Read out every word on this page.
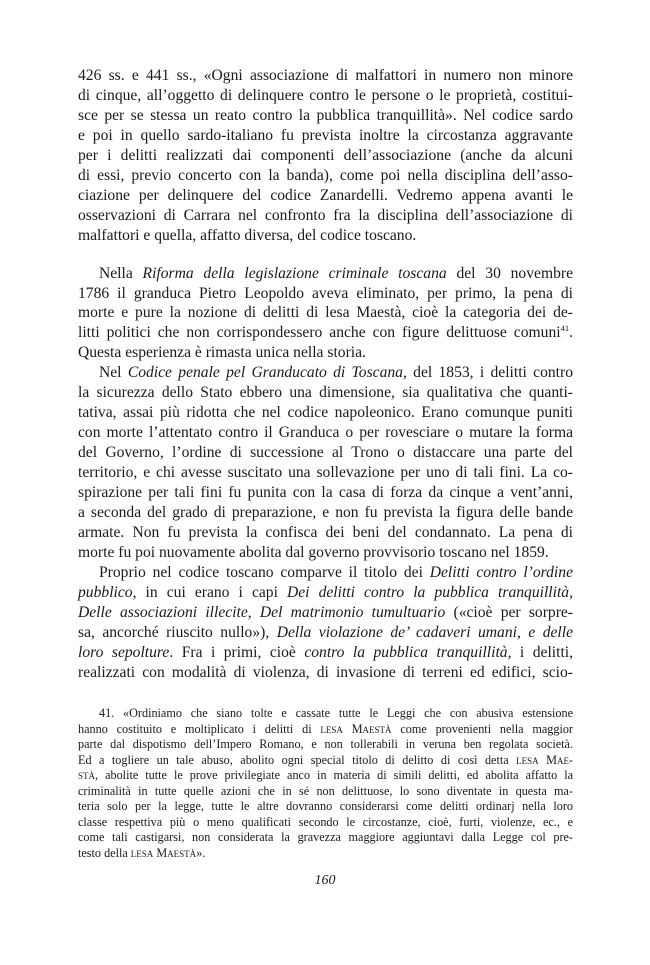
426 ss. e 441 ss., «Ogni associazione di malfattori in numero non minore
di cinque, all’oggetto di delinquere contro le persone o le proprietà, costitui-
sce per se stessa un reato contro la pubblica tranquillità». Nel codice sardo
e poi in quello sardo-italiano fu prevista inoltre la circostanza aggravante
per i delitti realizzati dai componenti dell’associazione (anche da alcuni
di essi, previo concerto con la banda), come poi nella disciplina dell’asso-
ciazione per delinquere del codice Zanardelli. Vedremo appena avanti le
osservazioni di Carrara nel confronto fra la disciplina dell’associazione di
malfattori e quella, affatto diversa, del codice toscano.

Nella Riforma della legislazione criminale toscana del 30 novembre
1786 il granduca Pietro Leopoldo aveva eliminato, per primo, la pena di
morte e pure la nozione di delitti di lesa Maestà, cioè la categoria dei de-
litti politici che non corrispondessero anche con figure delittuose comuni$^{41}$.
Questa esperienza è rimasta unica nella storia.

Nel Codice penale pel Granducato di Toscana, del 1853, i delitti contro
la sicurezza dello Stato ebbero una dimensione, sia qualitativa che quanti-
tativa, assai più ridotta che nel codice napoleonico. Erano comunque puniti
con morte l’attentato contro il Granduca o per rovesciare o mutare la forma
del Governo, l’ordine di successione al Trono o distaccare una parte del
territorio, e chi avesse suscitato una sollevazione per uno di tali fini. La co-
spirazione per tali fini fu punita con la casa di forza da cinque a vent’anni,
a seconda del grado di preparazione, e non fu prevista la figura delle bande
armate. Non fu prevista la confisca dei beni del condannato. La pena di
morte fu poi nuovamente abolita dal governo provvisorio toscano nel 1859.

Proprio nel codice toscano comparve il titolo dei Delitti contro l’ordine
pubblico, in cui erano i capi Dei delitti contro la pubblica tranquillità,
Delle associazioni illecite, Del matrimonio tumultuario («cioè per sorpre-
sa, ancorché riuscito nullo»), Della violazione de’ cadaveri umani, e delle
loro sepolture. Fra i primi, cioè contro la pubblica tranquillità, i delitti,
realizzati con modalità di violenza, di invasione di terreni ed edifici, scio-

41. «Ordiniamo che siano tolte e cassate tutte le Leggi che con abusiva estensione
hanno costituito e moltiplicato i delitti di lesa Maestà come provenienti nella maggior
parte dal dispotismo dell’Impero Romano, e non tollerabili in veruna ben regolata società.
Ed a togliere un tale abuso, abolito ogni special titolo di delitto di così detta lesa Mae-
stà, abolite tutte le prove privilegiate anco in materia di simili delitti, ed abolita affatto la
criminalità in tutte quelle azioni che in sé non delittuose, lo sono diventate in questa ma-
teria solo per la legge, tutte le altre dovranno considerarsi come delitti ordinarj nella loro
classe respettiva più o meno qualificati secondo le circostanze, cioè, furti, violenze, ec., e
come tali castigarsi, non considerata la gravezza maggiore aggiuntavi dalla Legge col pre-
testo della lesa Maestà».
160
